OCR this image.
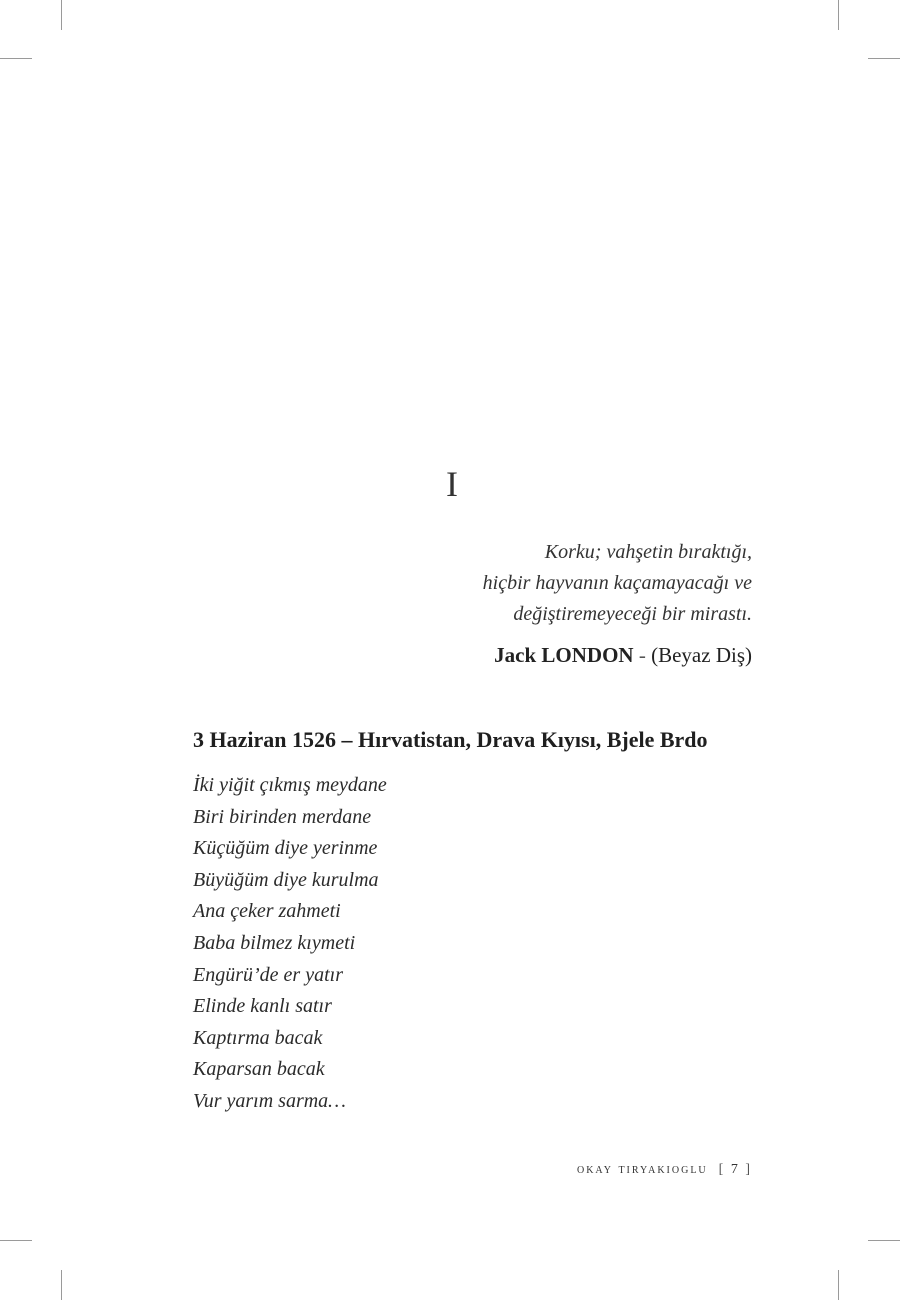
I
Korku; vahşetin bıraktığı,
hiçbir hayvanın kaçamayacağı ve
değiştiremeyeceği bir mirastı.
Jack LONDON - (Beyaz Diş)
3 Haziran 1526 – Hırvatistan, Drava Kıyısı, Bjele Brdo
İki yiğit çıkmış meydane
Biri birinden merdane
Küçüğüm diye yerinme
Büyüğüm diye kurulma
Ana çeker zahmeti
Baba bilmez kıymeti
Engürü’de er yatır
Elinde kanlı satır
Kaptırma bacak
Kaparsan bacak
Vur yarım sarma…
okay tiryakioglu [ 7 ]
